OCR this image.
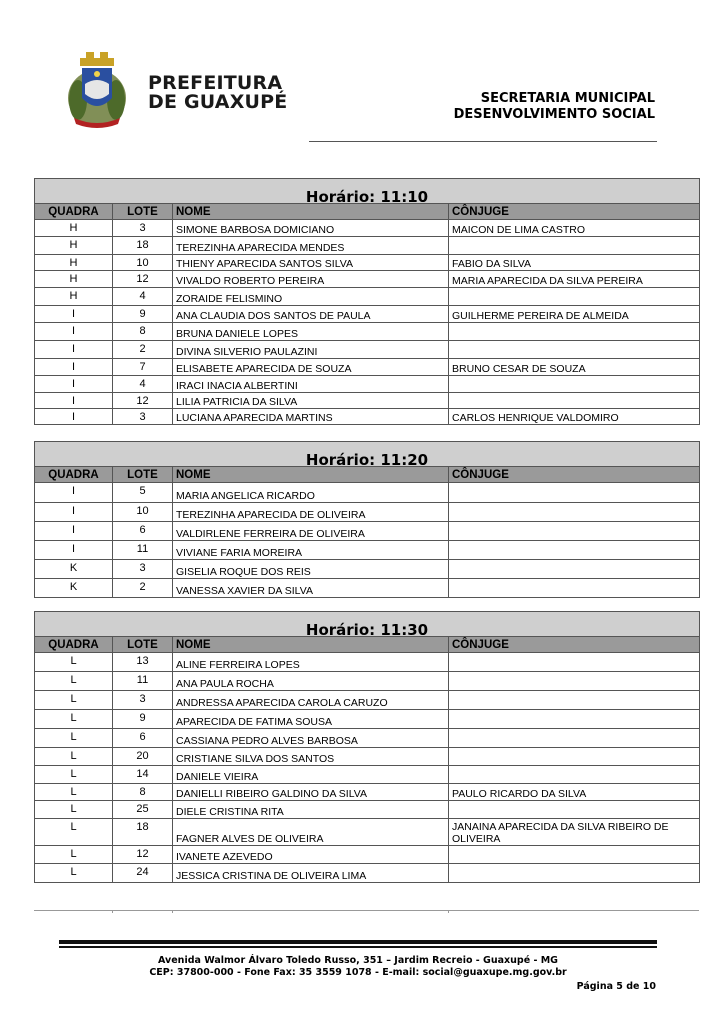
PREFEITURA
DE GUAXUPÉ	SECRETARIA MUNICIPAL
DESENVOLVIMENTO SOCIAL
Horário: 11:10			
QUADRA	LOTE	NOME	CÔNJUGE
H	3	SIMONE BARBOSA DOMICIANO	MAICON DE LIMA CASTRO
H	18	TEREZINHA APARECIDA MENDES	
H	10	THIENY APARECIDA SANTOS SILVA	FABIO DA SILVA
H	12	VIVALDO ROBERTO PEREIRA	MARIA APARECIDA DA SILVA PEREIRA
H	4	ZORAIDE FELISMINO	
I	9	ANA CLAUDIA DOS SANTOS DE PAULA	GUILHERME PEREIRA DE ALMEIDA
I	8	BRUNA DANIELE LOPES	
I	2	DIVINA SILVERIO PAULAZINI	
I	7	ELISABETE APARECIDA DE SOUZA	BRUNO CESAR DE SOUZA
I	4	IRACI INACIA ALBERTINI	
I	12	LILIA PATRICIA DA SILVA	
I	3	LUCIANA APARECIDA MARTINS	CARLOS HENRIQUE VALDOMIRO
Horário: 11:20			
QUADRA	LOTE	NOME	CÔNJUGE
I	5	MARIA ANGELICA RICARDO	
I	10	TEREZINHA APARECIDA DE OLIVEIRA	
I	6	VALDIRLENE FERREIRA DE OLIVEIRA	
I	11	VIVIANE FARIA MOREIRA	
K	3	GISELIA ROQUE DOS REIS	
K	2	VANESSA XAVIER DA SILVA	
Horário: 11:30			
QUADRA	LOTE	NOME	CÔNJUGE
L	13	ALINE FERREIRA LOPES	
L	11	ANA PAULA ROCHA	
L	3	ANDRESSA APARECIDA CAROLA CARUZO	
L	9	APARECIDA DE FATIMA SOUSA	
L	6	CASSIANA PEDRO ALVES BARBOSA	
L	20	CRISTIANE SILVA DOS SANTOS	
L	14	DANIELE VIEIRA	
L	8	DANIELLI RIBEIRO GALDINO DA SILVA	PAULO RICARDO DA SILVA
L	25	DIELE CRISTINA RITA	
L	18	FAGNER ALVES DE OLIVEIRA	JANAINA APARECIDA DA SILVA RIBEIRO DE OLIVEIRA
L	12	IVANETE AZEVEDO	
L	24	JESSICA CRISTINA DE OLIVEIRA LIMA	
Avenida Walmor Álvaro Toledo Russo, 351 – Jardim Recreio - Guaxupé - MG
CEP: 37800-000 - Fone Fax: 35 3559 1078 - E-mail: social@guaxupe.mg.gov.br
Página 5 de 10
